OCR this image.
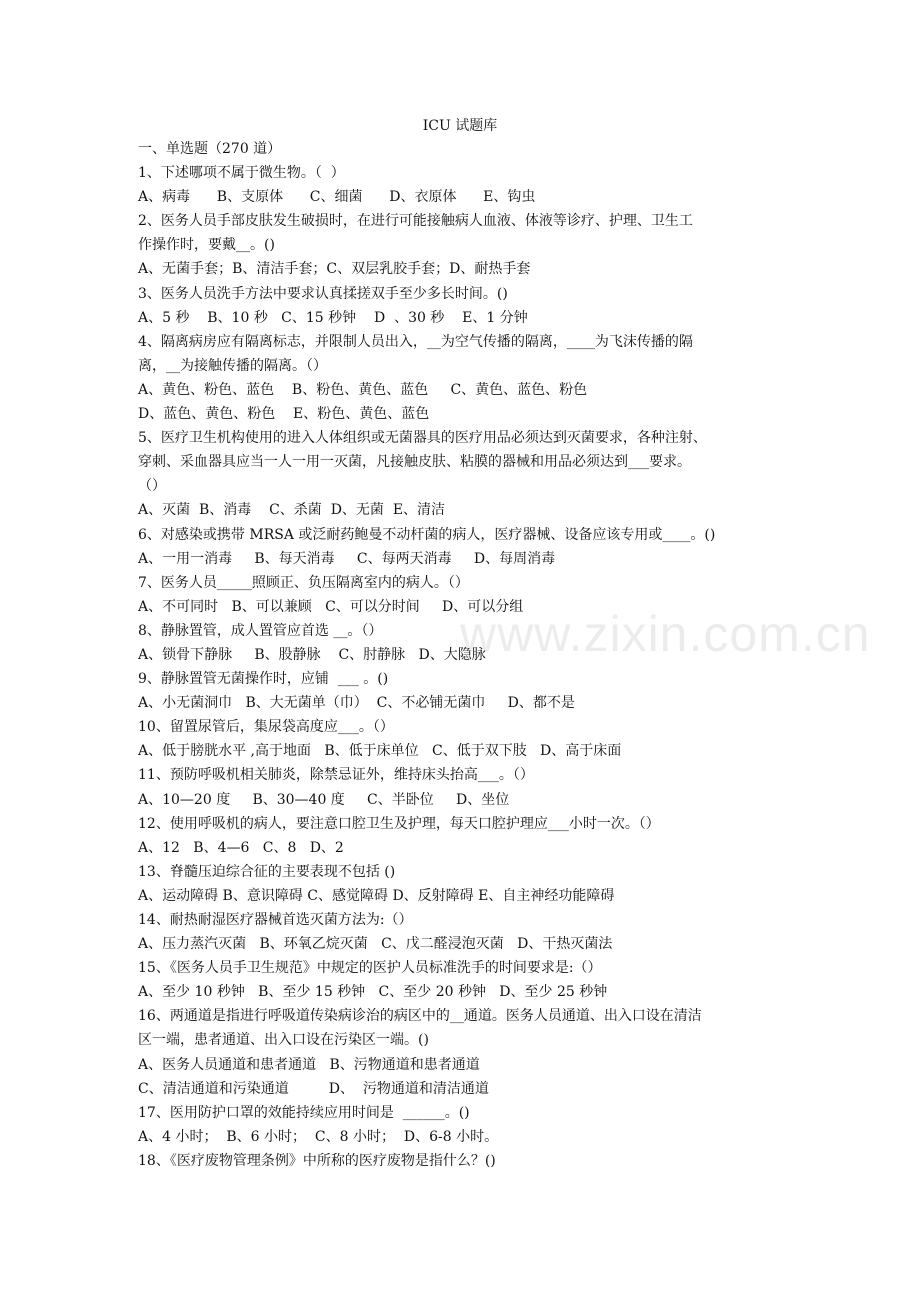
www.zixin.com.cn
ICU 试题库
一、单选题（270 道）
1、下述哪项不属于微生物。（  ）
A、病毒      B、支原体      C、细菌      D、衣原体      E、钩虫
2、医务人员手部皮肤发生破损时，在进行可能接触病人血液、体液等诊疗、护理、卫生工
作操作时，要戴__。()
A、无菌手套；B、清洁手套；C、双层乳胶手套；D、耐热手套
3、医务人员洗手方法中要求认真揉搓双手至少多长时间。()
A、5 秒    B、10 秒   C、15 秒钟    D  、30 秒    E、1 分钟
4、隔离病房应有隔离标志，并限制人员出入，__为空气传播的隔离，____为飞沫传播的隔
离，__为接触传播的隔离。（）
A、黄色、粉色、蓝色    B、粉色、黄色、蓝色     C、黄色、蓝色、粉色
D、蓝色、黄色、粉色    E、粉色、黄色、蓝色
5、医疗卫生机构使用的进入人体组织或无菌器具的医疗用品必须达到灭菌要求，各种注射、
穿刺、采血器具应当一人一用一灭菌，凡接触皮肤、粘膜的器械和用品必须达到___要求。
（）
A、灭菌  B、消毒    C、杀菌  D、无菌  E、清洁
6、对感染或携带 MRSA 或泛耐药鲍曼不动杆菌的病人，医疗器械、设备应该专用或____。()
A、一用一消毒     B、每天消毒     C、每两天消毒     D、每周消毒
7、医务人员_____照顾正、负压隔离室内的病人。（）
A、不可同时   B、可以兼顾   C、可以分时间     D、可以分组
8、静脉置管，成人置管应首选 __。（）
A、锁骨下静脉     B、股静脉    C、肘静脉   D、大隐脉
9、静脉置管无菌操作时，应铺  ___ 。()
A、小无菌洞巾   B、大无菌单（巾）  C、不必铺无菌巾     D、都不是
10、留置尿管后，集尿袋高度应___。（）
A、低于膀胱水平 ,高于地面   B、低于床单位   C、低于双下肢   D、高于床面
11、预防呼吸机相关肺炎，除禁忌证外，维持床头抬高___。（）
A、10—20 度     B、30—40 度     C、半卧位     D、坐位
12、使用呼吸机的病人，要注意口腔卫生及护理，每天口腔护理应___小时一次。（）
A、12   B、4—6   C、8   D、2
13、脊髓压迫综合征的主要表现不包括 ()
A、运动障碍 B、意识障碍 C、感觉障碍 D、反射障碍 E、自主神经功能障碍
14、耐热耐湿医疗器械首选灭菌方法为:（）
A、压力蒸汽灭菌   B、环氧乙烷灭菌   C、戊二醛浸泡灭菌   D、干热灭菌法
15、《医务人员手卫生规范》中规定的医护人员标准洗手的时间要求是:（）
A、至少 10 秒钟   B、至少 15 秒钟   C、至少 20 秒钟   D、至少 25 秒钟
16、两通道是指进行呼吸道传染病诊治的病区中的__通道。医务人员通道、出入口设在清洁
区一端，患者通道、出入口设在污染区一端。()
A、医务人员通道和患者通道   B、污物通道和患者通道
C、清洁通道和污染通道         D、  污物通道和清洁通道
17、医用防护口罩的效能持续应用时间是  ______。()
A、4 小时；  B、6 小时；  C、8 小时；  D、6-8 小时。
18、《医疗废物管理条例》中所称的医疗废物是指什么？()
